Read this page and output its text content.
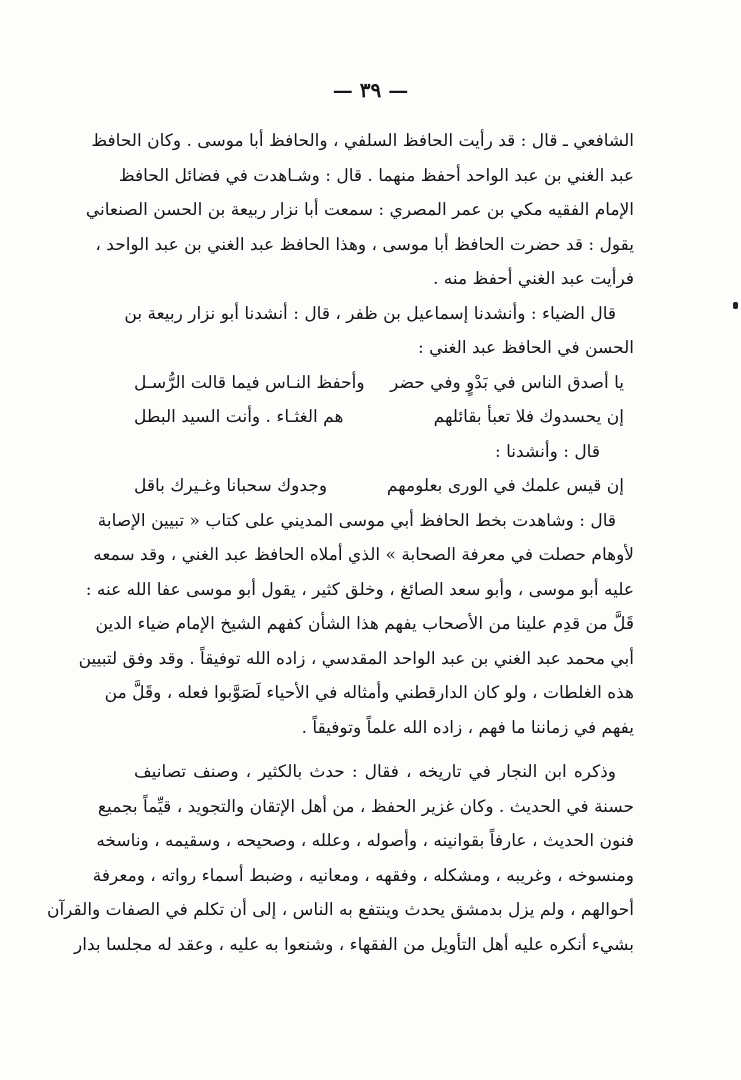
— ٣٩ —
الشافعي ـ قال : قد رأيت الحافظ السلفي ، والحافظ أبا موسى . وكان الحافظ
عبد الغني بن عبد الواحد أحفظ منهما . قال : وشـاهدت في فضائل الحافظ
الإمام الفقيه مكي بن عمر المصري : سمعت أبا نزار ربيعة بن الحسن الصنعاني
يقول : قد حضرت الحافظ أبا موسى ، وهذا الحافظ عبد الغني بن عبد الواحد ،
فرأيت عبد الغني أحفظ منه .
قال الضياء : وأنشدنا إسماعيل بن ظفر ، قال : أنشدنا أبو نزار ربيعة بن
الحسن في الحافظ عبد الغني :
يا أصدق الناس في بَدْوٍ وفي حضر
وأحفظ النـاس فيما قالت الرُّسـل
إن يحسدوك فلا تعبأ بقائلهم
هم الغثـاء . وأنت السيد البطل
قال : وأنشدنا :
إن قيس علمك في الورى بعلومهم
وجدوك سحبانا وغـيرك باقل
قال : وشاهدت بخط الحافظ أبي موسى المديني على كتاب « تبيين الإصابة
لأوهام حصلت في معرفة الصحابة » الذي أملاه الحافظ عبد الغني ، وقد سمعه
عليه أبو موسى ، وأبو سعد الصائغ ، وخلق كثير ، يقول أبو موسى عفا الله عنه :
قَلَّ من قدِم علينا من الأصحاب يفهم هذا الشأن كفهم الشيخ الإمام ضياء الدين
أبي محمد عبد الغني بن عبد الواحد المقدسي ، زاده الله توفيقاً . وقد وفق لتبيين
هذه الغلطات ، ولو كان الدارقطني وأمثاله في الأحياء لَصَوَّبوا فعله ، وقَلَّ من
يفهم في زماننا ما فهم ، زاده الله علماً وتوفيقاً .
وذكره ابن النجار في تاريخه ، فقال : حدث بالكثير ، وصنف تصانيف
حسنة في الحديث . وكان غزير الحفظ ، من أهل الإتقان والتجويد ، قيِّماً بجميع
فنون الحديث ، عارفاً بقوانينه ، وأصوله ، وعلله ، وصحيحه ، وسقيمه ، وناسخه
ومنسوخه ، وغريبه ، ومشكله ، وفقهه ، ومعانيه ، وضبط أسماء رواته ، ومعرفة
أحوالهم ، ولم يزل بدمشق يحدث وينتفع به الناس ، إلى أن تكلم في الصفات والقرآن
بشيء أنكره عليه أهل التأويل من الفقهاء ، وشنعوا به عليه ، وعقد له مجلسا بدار
